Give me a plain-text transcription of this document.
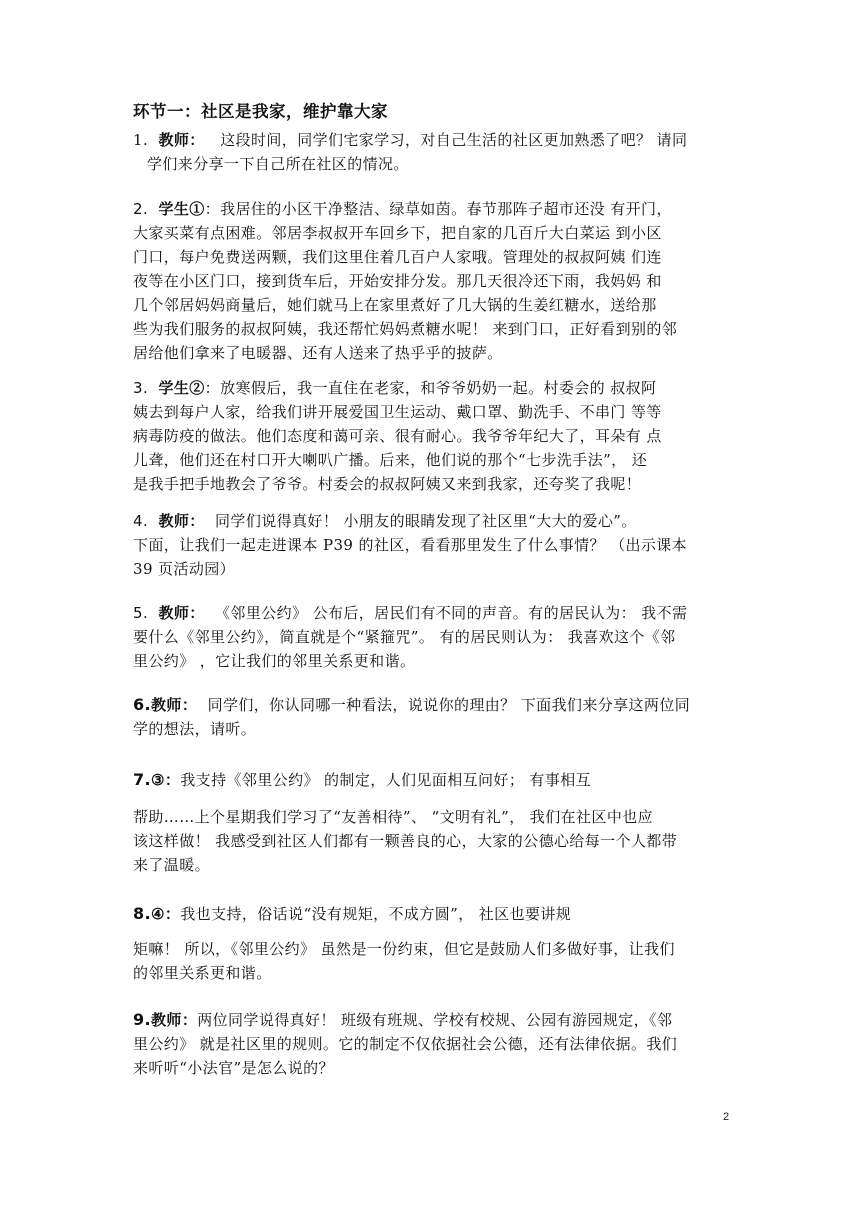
环节一：社区是我家，维护靠大家
1. 教师： 这段时间，同学们宅家学习，对自己生活的社区更加熟悉了吧？ 请同
学们来分享一下自己所在社区的情况。
2. 学生①：我居住的小区干净整洁、绿草如茵。春节那阵子超市还没 有开门，
大家买菜有点困难。邻居李叔叔开车回乡下，把自家的几百斤大白菜运 到小区
门口，每户免费送两颗，我们这里住着几百户人家哦。管理处的叔叔阿姨 们连
夜等在小区门口，接到货车后，开始安排分发。那几天很冷还下雨，我妈妈 和
几个邻居妈妈商量后，她们就马上在家里煮好了几大锅的生姜红糖水，送给那
些为我们服务的叔叔阿姨，我还帮忙妈妈煮糖水呢！ 来到门口，正好看到别的邻
居给他们拿来了电暖器、还有人送来了热乎乎的披萨。
3. 学生②：放寒假后，我一直住在老家，和爷爷奶奶一起。村委会的 叔叔阿
姨去到每户人家，给我们讲开展爱国卫生运动、戴口罩、勤洗手、不串门 等等
病毒防疫的做法。他们态度和蔼可亲、很有耐心。我爷爷年纪大了，耳朵有 点
儿聋，他们还在村口开大喇叭广播。后来，他们说的那个“七步洗手法”， 还
是我手把手地教会了爷爷。村委会的叔叔阿姨又来到我家，还夸奖了我呢！
4. 教师： 同学们说得真好！ 小朋友的眼睛发现了社区里“大大的爱心”。
下面，让我们一起走进课本 P39 的社区，看看那里发生了什么事情？ （出示课本
39 页活动园）
5. 教师： 《邻里公约》 公布后，居民们有不同的声音。有的居民认为： 我不需
要什么《邻里公约》，简直就是个“紧箍咒”。 有的居民则认为： 我喜欢这个《邻
里公约》 ，它让我们的邻里关系更和谐。
6.教师： 同学们，你认同哪一种看法，说说你的理由？ 下面我们来分享这两位同
学的想法，请听。
7.③：我支持《邻里公约》 的制定，人们见面相互问好； 有事相互
帮助……上个星期我们学习了“友善相待”、 “文明有礼”， 我们在社区中也应
该这样做！ 我感受到社区人们都有一颗善良的心，大家的公德心给每一个人都带
来了温暖。
8.④：我也支持，俗话说“没有规矩，不成方圆”， 社区也要讲规
矩嘛！ 所以，《邻里公约》 虽然是一份约束，但它是鼓励人们多做好事，让我们
的邻里关系更和谐。
9.教师：两位同学说得真好！ 班级有班规、学校有校规、公园有游园规定，《邻
里公约》 就是社区里的规则。它的制定不仅依据社会公德，还有法律依据。我们
来听听“小法官”是怎么说的？
2
